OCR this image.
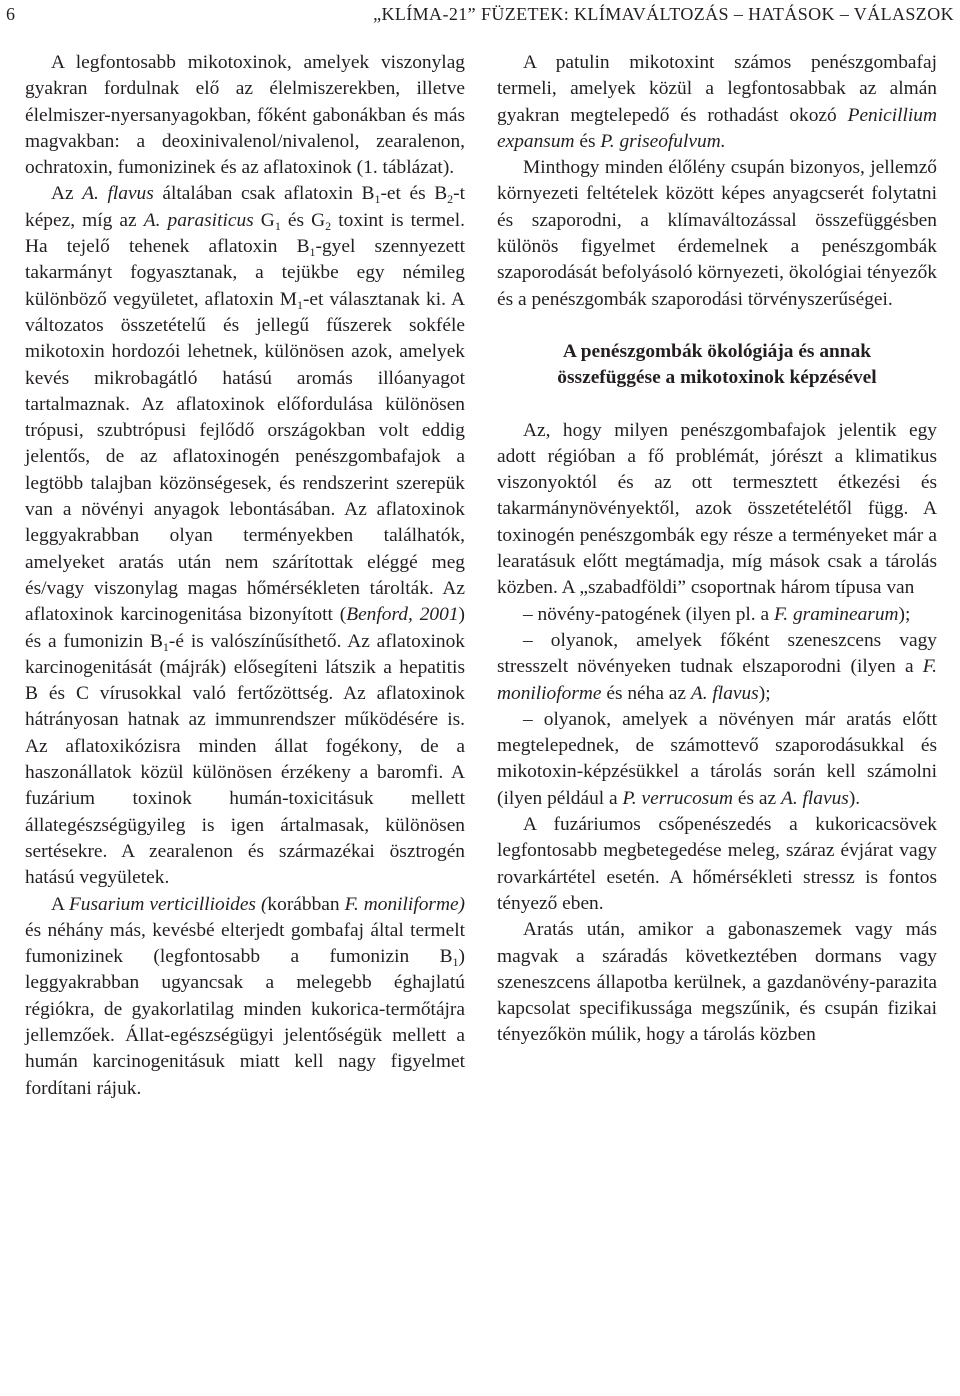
6	„KLÍMA-21” FÜZETEK: KLÍMAVÁLTOZÁS – HATÁSOK – VÁLASZOK

A legfontosabb mikotoxinok, amelyek viszonylag gyakran fordulnak elő az élelmiszerekben, illetve élelmiszer-nyersanyagokban, főként gabonákban és más magvakban: a deoxinivalenol/nivalenol, zearalenon, ochratoxin, fumonizinek és az aflatoxinok (1. táblázat).

Az A. flavus általában csak aflatoxin $B_1-et$ és $B_2-t$ képez, míg az A. parasiticus $G_1$ és $G_2$ toxint is termel. Ha tejelő tehenek aflatoxin $B_1$-gyel szennyezett takarmányt fogyasztanak, a tejükbe egy némileg különböző vegyületet, aflatoxin $M_1-et$ választanak ki. A változatos összetételű és jellegű fűszerek sokféle mikotoxin hordozói lehetnek, különösen azok, amelyek kevés mikrobagátló hatású aromás illóanyagot tartalmaznak. Az aflatoxinok előfordulása különösen trópusi, szubtrópusi fejlődő országokban volt eddig jelentős, de az aflatoxinogén penészgombafajok a legtöbb talajban közönségesek, és rendszerint szerepük van a növényi anyagok lebontásában. Az aflatoxinok leggyakrabban olyan terményekben találhatók, amelyeket aratás után nem szárítottak eléggé meg és/vagy viszonylag magas hőmérsékleten tárolták. Az aflatoxinok karcinogenitása bizonyított (Benford, 2001) és a fumonizin $B_1-é$ is valószínűsíthető. Az aflatoxinok karcinogenitását (májrák) elősegíteni látszik a hepatitis B és C vírusokkal való fertőzöttség. Az aflatoxinok hátrányosan hatnak az immunrendszer működésére is. Az aflatoxikózisra minden állat fogékony, de a haszonállatok közül különösen érzékeny a baromfi. A fuzárium toxinok humán-toxicitásuk mellett állategészségügyileg is igen ártalmasak, különösen sertésekre. A zearalenon és származékai ösztrogén hatású vegyületek.

A Fusarium verticillioides (korábban F. moniliforme) és néhány más, kevésbé elterjedt gombafaj által termelt fumonizinek (legfontosabb a fumonizin $B_1$) leggyakrabban ugyancsak a melegebb éghajlatú régiókra, de gyakorlatilag minden kukorica-termőtájra jellemzőek. Állat-egészségügyi jelentőségük mellett a humán karcinogenitásuk miatt kell nagy figyelmet fordítani rájuk.

A patulin mikotoxint számos penészgombafaj termeli, amelyek közül a legfontosabbak az almán gyakran megtelepedő és rothadást okozó Penicillium expansum és P. griseofulvum.

Minthogy minden élőlény csupán bizonyos, jellemző környezeti feltételek között képes anyagcserét folytatni és szaporodni, a klímaváltozással összefüggésben különös figyelmet érdemelnek a penészgombák szaporodását befolyásoló környezeti, ökológiai tényezők és a penészgombák szaporodási törvényszerűségei.

A penészgombák ökológiája és annak
összefüggése a mikotoxinok képzésével

Az, hogy milyen penészgombafajok jelentik egy adott régióban a fő problémát, jórészt a klimatikus viszonyoktól és az ott termesztett étkezési és takarmánynövényektől, azok összetételétől függ. A toxinogén penészgombák egy része a terményeket már a learatásuk előtt megtámadja, míg mások csak a tárolás közben. A „szabadföldi” csoportnak három típusa van

– növény-patogének (ilyen pl. a F. graminearum);

– olyanok, amelyek főként szeneszcens vagy stresszelt növényeken tudnak elszaporodni (ilyen a F. monilioforme és néha az A. flavus);

– olyanok, amelyek a növényen már aratás előtt megtelepednek, de számottevő szaporodásukkal és mikotoxin-képzésükkel a tárolás során kell számolni (ilyen például a P. verrucosum és az A. flavus).

A fuzáriumos csőpenészedés a kukoricacsövek legfontosabb megbetegedése meleg, száraz évjárat vagy rovarkártétel esetén. A hőmérsékleti stressz is fontos tényező eben.

Aratás után, amikor a gabonaszemek vagy más magvak a száradás következtében dormans vagy szeneszcens állapotba kerülnek, a gazdanövény-parazita kapcsolat specifikussága megszűnik, és csupán fizikai tényezőkön múlik, hogy a tárolás közben
